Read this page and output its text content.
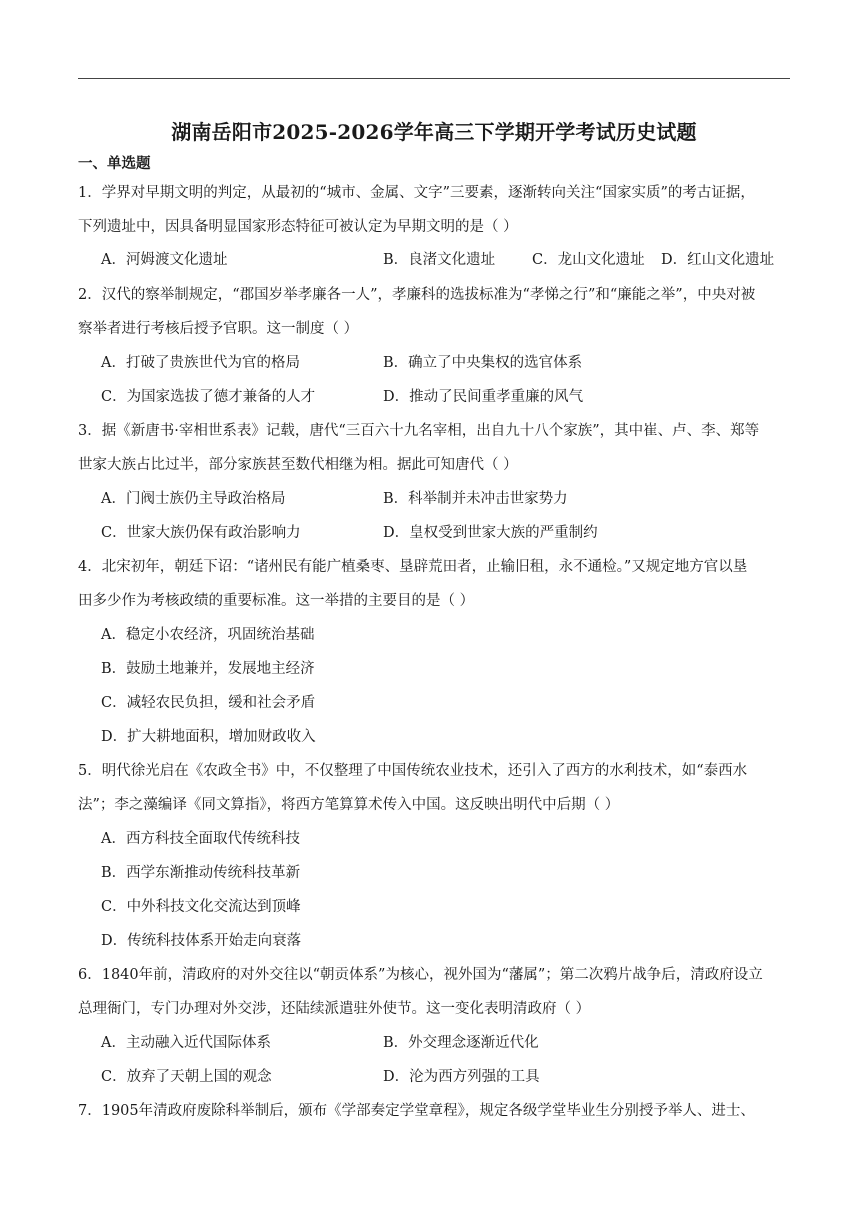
湖南岳阳市2025-2026学年高三下学期开学考试历史试题
一、单选题
1．学界对早期文明的判定，从最初的“城市、金属、文字”三要素，逐渐转向关注“国家实质”的考古证据，
下列遗址中，因具备明显国家形态特征可被认定为早期文明的是（ ）
A．河姆渡文化遗址	B．良渚文化遗址	C．龙山文化遗址 D．红山文化遗址
2．汉代的察举制规定，“郡国岁举孝廉各一人”，孝廉科的选拔标准为“孝悌之行”和“廉能之举”，中央对被
察举者进行考核后授予官职。这一制度（ ）
A．打破了贵族世代为官的格局	B．确立了中央集权的选官体系
C．为国家选拔了德才兼备的人才	D．推动了民间重孝重廉的风气
3．据《新唐书·宰相世系表》记载，唐代“三百六十九名宰相，出自九十八个家族”，其中崔、卢、李、郑等
世家大族占比过半，部分家族甚至数代相继为相。据此可知唐代（ ）
A．门阀士族仍主导政治格局	B．科举制并未冲击世家势力
C．世家大族仍保有政治影响力	D．皇权受到世家大族的严重制约
4．北宋初年，朝廷下诏：“诸州民有能广植桑枣、垦辟荒田者，止输旧租，永不通检。”又规定地方官以垦
田多少作为考核政绩的重要标准。这一举措的主要目的是（ ）
A．稳定小农经济，巩固统治基础
B．鼓励土地兼并，发展地主经济
C．减轻农民负担，缓和社会矛盾
D．扩大耕地面积，增加财政收入
5．明代徐光启在《农政全书》中，不仅整理了中国传统农业技术，还引入了西方的水利技术，如“泰西水
法”；李之藻编译《同文算指》，将西方笔算算术传入中国。这反映出明代中后期（ ）
A．西方科技全面取代传统科技
B．西学东渐推动传统科技革新
C．中外科技文化交流达到顶峰
D．传统科技体系开始走向衰落
6．1840年前，清政府的对外交往以“朝贡体系”为核心，视外国为“藩属”；第二次鸦片战争后，清政府设立
总理衙门，专门办理对外交涉，还陆续派遣驻外使节。这一变化表明清政府（ ）
A．主动融入近代国际体系	B．外交理念逐渐近代化
C．放弃了天朝上国的观念	D．沦为西方列强的工具
7．1905年清政府废除科举制后，颁布《学部奏定学堂章程》，规定各级学堂毕业生分别授予举人、进士、
